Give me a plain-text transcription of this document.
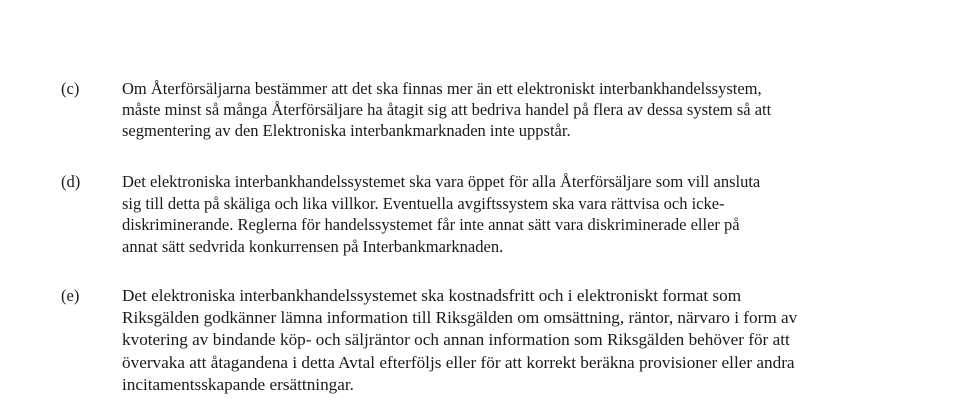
(c)	Om Återförsäljarna bestämmer att det ska finnas mer än ett elektroniskt interbankhandelssystem,
måste minst så många Återförsäljare ha åtagit sig att bedriva handel på flera av dessa system så att
segmentering av den Elektroniska interbankmarknaden inte uppstår.
(d)	Det elektroniska interbankhandelssystemet ska vara öppet för alla Återförsäljare som vill ansluta
sig till detta på skäliga och lika villkor. Eventuella avgiftssystem ska vara rättvisa och icke-
diskriminerande. Reglerna för handelssystemet får inte annat sätt vara diskriminerade eller på
annat sätt sedvrida konkurrensen på Interbankmarknaden.
(e) Det elektroniska interbankhandelssystemet ska kostnadsfritt och i elektroniskt format som
Riksgälden godkänner lämna information till Riksgälden om omsättning, räntor, närvaro i form av
kvotering av bindande köp- och säljräntor och annan information som Riksgälden behöver för att
övervaka att åtagandena i detta Avtal efterföljs eller för att korrekt beräkna provisioner eller andra
incitamentsskapande ersättningar.
